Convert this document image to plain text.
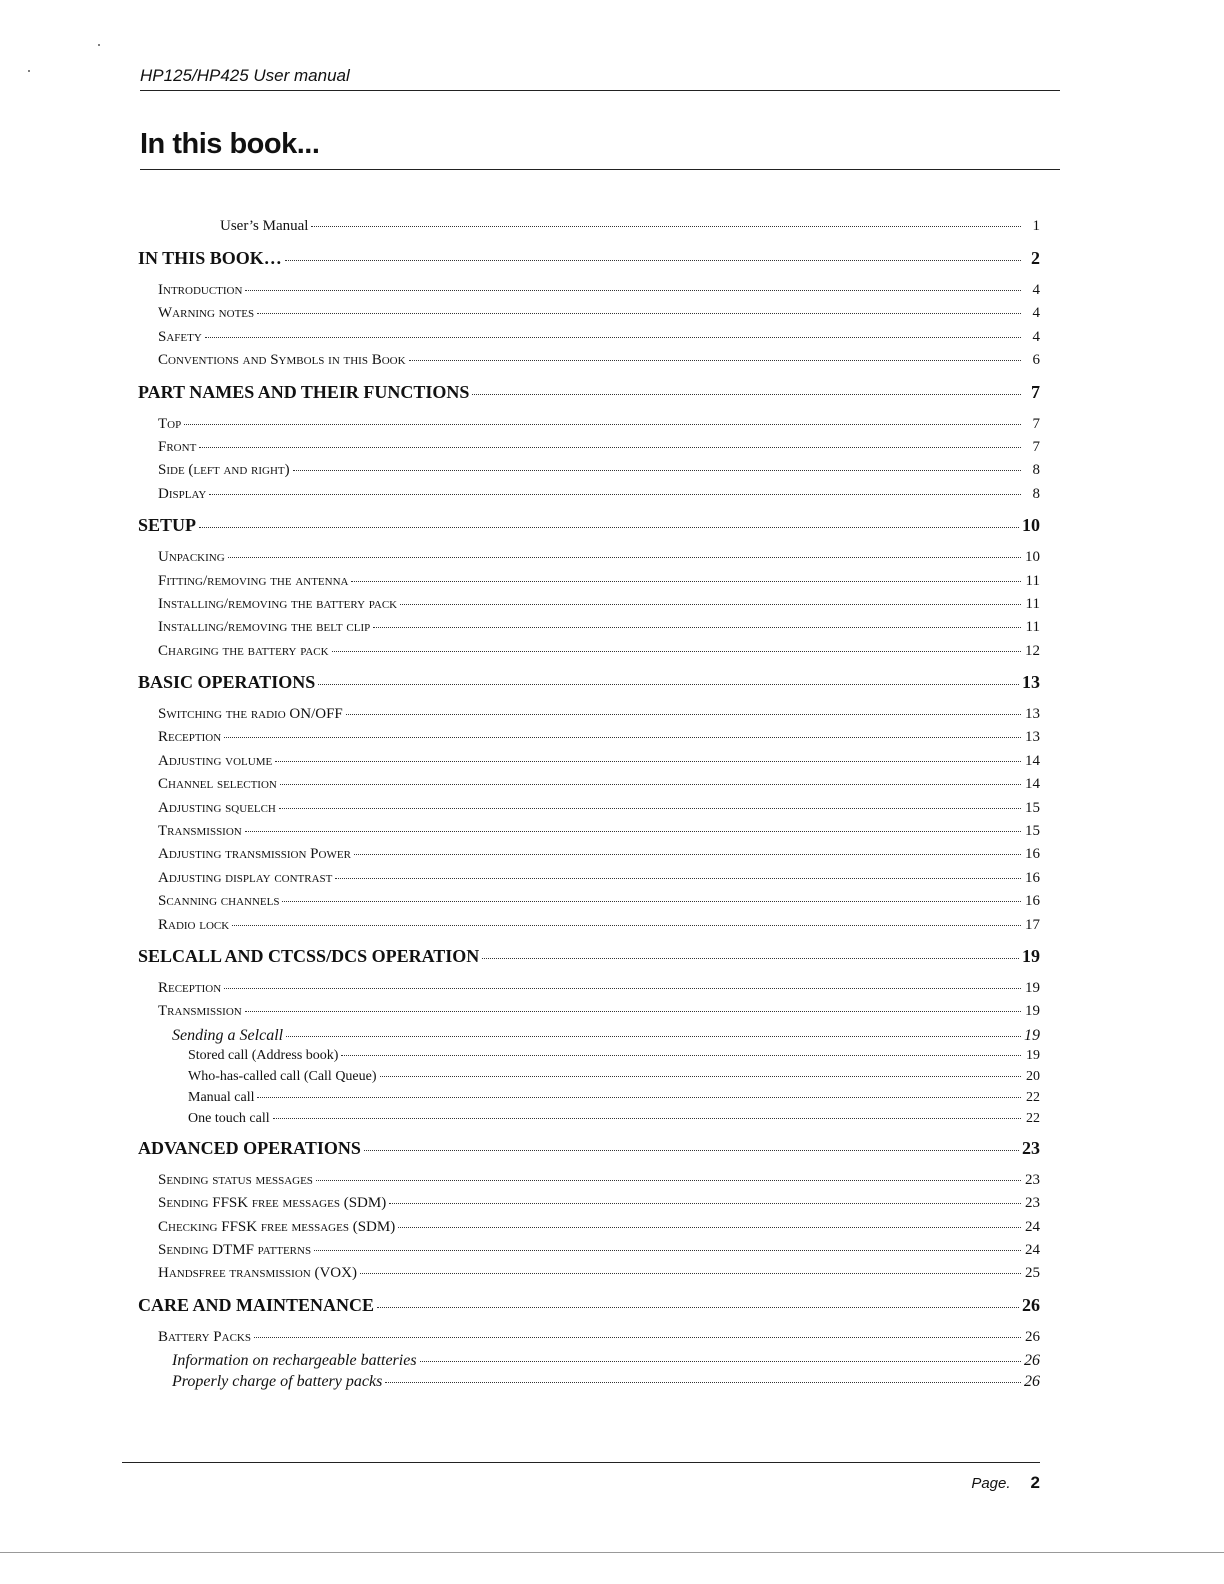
HP125/HP425 User manual
In this book...
User’s Manual	1
IN THIS BOOK…	2
Introduction	4
Warning notes	4
Safety	4
Conventions and Symbols in this Book	6
PART NAMES AND THEIR FUNCTIONS	7
Top	7
Front	7
Side (left and right)	8
Display	8
SETUP	10
Unpacking	10
Fitting/removing the antenna	11
Installing/removing the battery pack	11
Installing/removing the belt clip	11
Charging the battery pack	12
BASIC OPERATIONS	13
Switching the radio ON/OFF	13
Reception	13
Adjusting volume	14
Channel selection	14
Adjusting squelch	15
Transmission	15
Adjusting transmission Power	16
Adjusting display contrast	16
Scanning channels	16
Radio lock	17
SELCALL AND CTCSS/DCS OPERATION	19
Reception	19
Transmission	19
Sending a Selcall	19
Stored call (Address book)	19
Who-has-called call (Call Queue)	20
Manual call	22
One touch call	22
ADVANCED OPERATIONS	23
Sending status messages	23
Sending FFSK free messages (SDM)	23
Checking FFSK free messages (SDM)	24
Sending DTMF patterns	24
Handsfree transmission (VOX)	25
CARE AND MAINTENANCE	26
Battery Packs	26
Information on rechargeable batteries	26
Properly charge of battery packs	26
Page. 2
